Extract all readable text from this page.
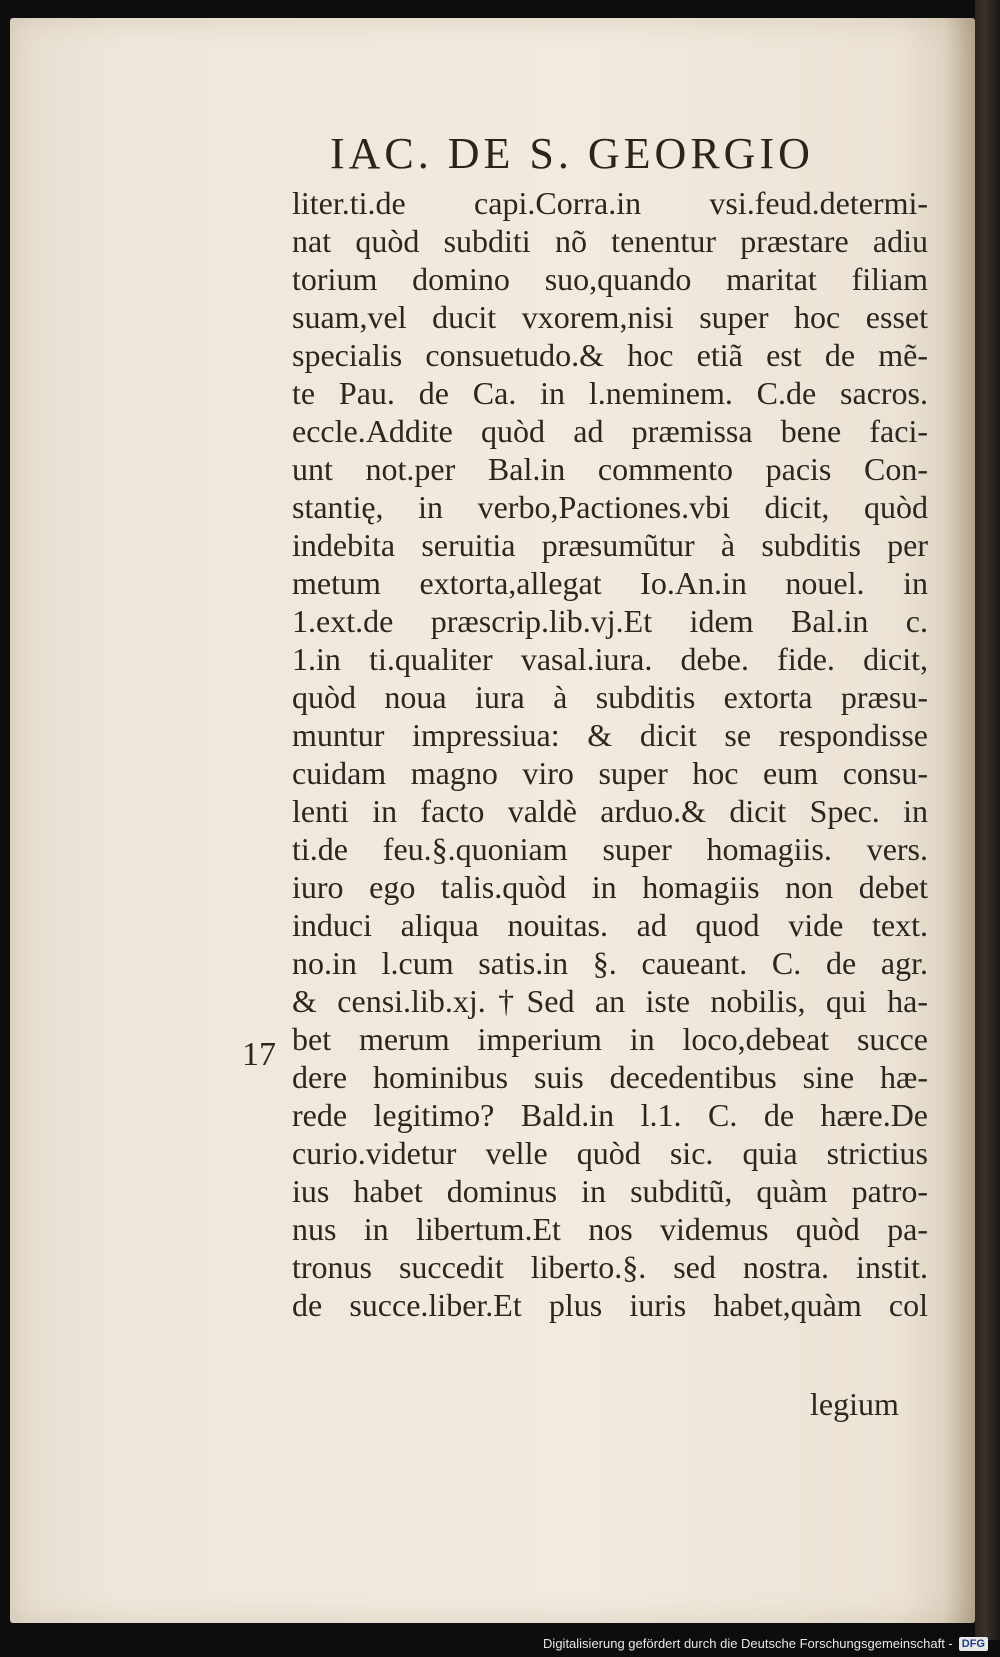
IAC. DE S. GEORGIO
17
liter.ti.de capi.Corra.in vsi.feud.determi-
nat quòd subditi nõ tenentur præstare adiu
torium domino suo,quando maritat filiam
suam,vel ducit vxorem,nisi super hoc esset
specialis consuetudo.& hoc etiã est de mẽ-
te Pau. de Ca. in l.neminem. C.de sacros.
eccle.Addite quòd ad præmissa bene faci-
unt not.per Bal.in commento pacis Con-
stantię, in verbo,Pactiones.vbi dicit, quòd
indebita seruitia præsumũtur à subditis per
metum extorta,allegat Io.An.in nouel. in
1.ext.de præscrip.lib.vj.Et idem Bal.in c.
1.in ti.qualiter vasal.iura. debe. fide. dicit,
quòd noua iura à subditis extorta præsu-
muntur impressiua: & dicit se respondisse
cuidam magno viro super hoc eum consu-
lenti in facto valdè arduo.& dicit Spec. in
ti.de feu.§.quoniam super homagiis. vers.
iuro ego talis.quòd in homagiis non debet
induci aliqua nouitas. ad quod vide text.
no.in l.cum satis.in §. caueant. C. de agr.
& censi.lib.xj.†Sed an iste nobilis, qui ha-
bet merum imperium in loco,debeat succe
dere hominibus suis decedentibus sine hæ-
rede legitimo? Bald.in l.1. C. de hære.De
curio.videtur velle quòd sic. quia strictius
ius habet dominus in subditũ, quàm patro-
nus in libertum.Et nos videmus quòd pa-
tronus succedit liberto.§. sed nostra. instit.
de succe.liber.Et plus iuris habet,quàm col
legium
Digitalisierung gefördert durch die Deutsche Forschungsgemeinschaft - DFG
